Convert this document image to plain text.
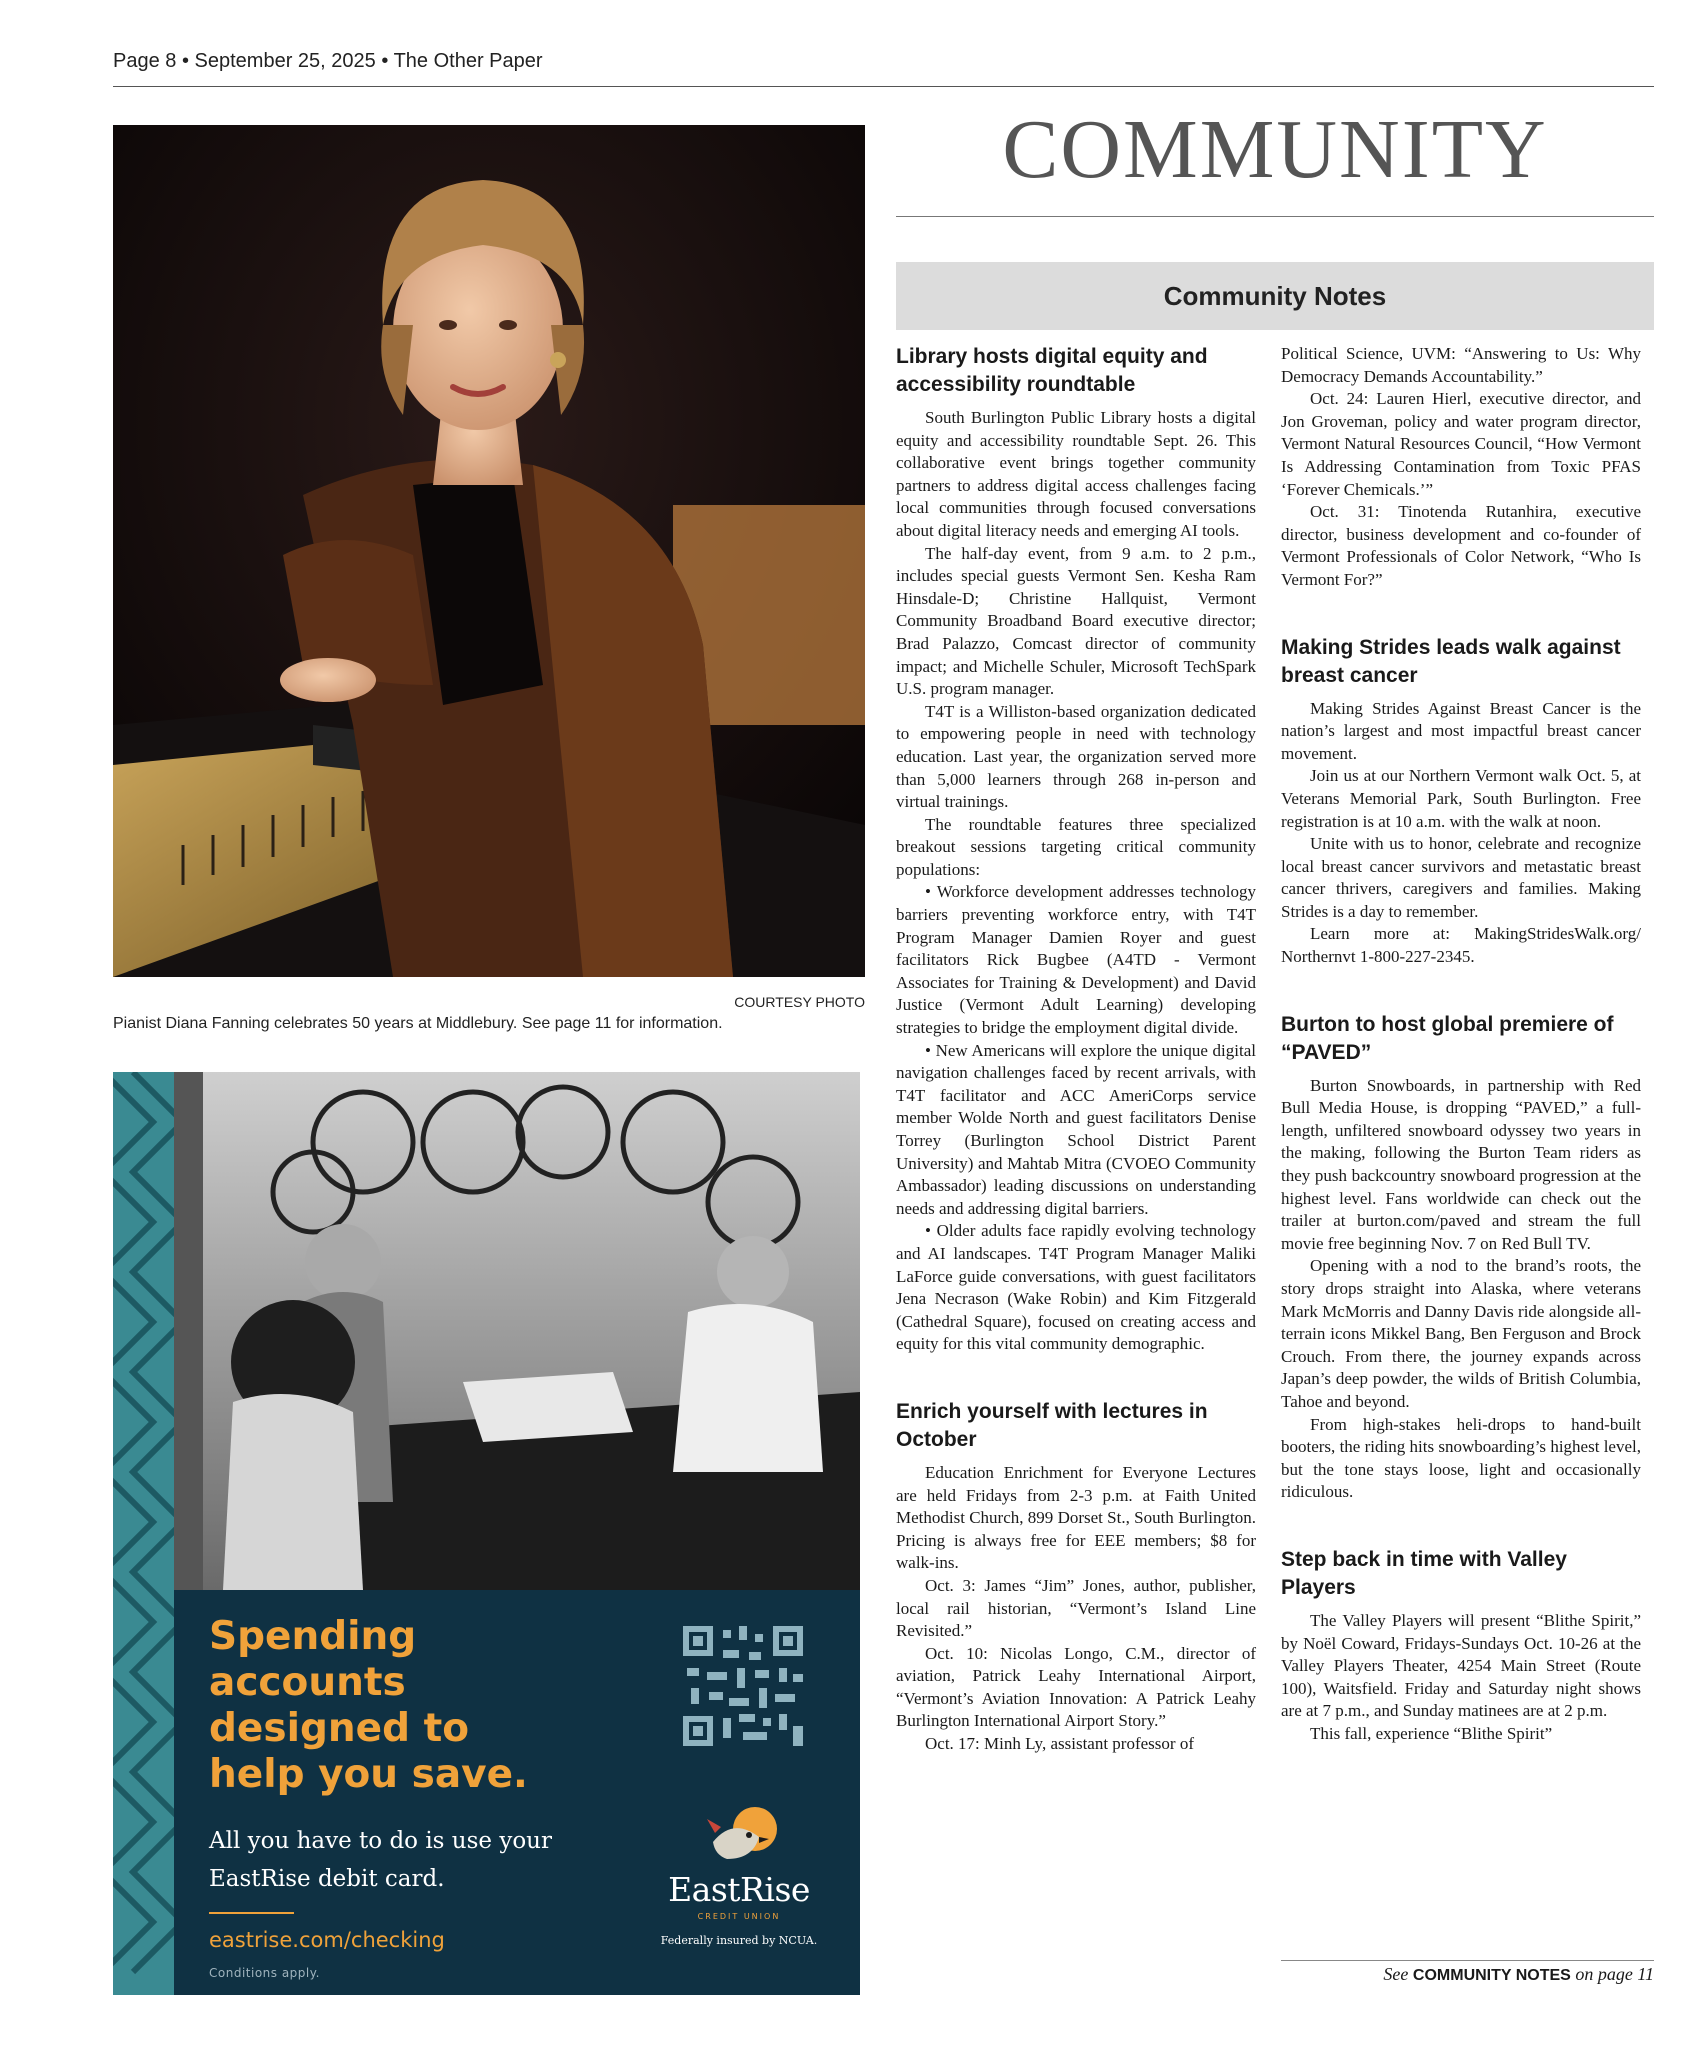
Page 8 • September 25, 2025 • The Other Paper
COMMUNITY
Community Notes
COURTESY PHOTO
Pianist Diana Fanning celebrates 50 years at Middlebury. See page 11 for information.
Spending
accounts
designed to
help you save.
All you have to do is use your
EastRise debit card.
eastrise.com/checking
Conditions apply.
EastRise
CREDIT UNION
Federally insured by NCUA.
Library hosts digital equity and accessibility roundtable

South Burlington Public Library hosts a digital equity and accessibility roundtable Sept. 26. This collaborative event brings together community partners to address digital access challenges facing local communities through focused conversations about digital literacy needs and emerging AI tools.

The half-day event, from 9 a.m. to 2 p.m., includes special guests Vermont Sen. Kesha Ram Hinsdale-D; Christine Hallquist, Vermont Community Broadband Board executive director; Brad Palazzo, Comcast director of community impact; and Michelle Schuler, Microsoft TechSpark U.S. program manager.

T4T is a Williston-based organization dedicated to empowering people in need with technology education. Last year, the organization served more than 5,000 learners through 268 in-person and virtual trainings.

The roundtable features three specialized breakout sessions targeting critical community populations:

• Workforce development addresses technology barriers preventing workforce entry, with T4T Program Manager Damien Royer and guest facilitators Rick Bugbee (A4TD - Vermont Associates for Training & Development) and David Justice (Vermont Adult Learning) developing strategies to bridge the employment digital divide.

• New Americans will explore the unique digital navigation challenges faced by recent arrivals, with T4T facilitator and ACC AmeriCorps service member Wolde North and guest facilitators Denise Torrey (Burlington School District Parent University) and Mahtab Mitra (CVOEO Community Ambassador) leading discussions on understanding needs and addressing digital barriers.

• Older adults face rapidly evolving technology and AI landscapes. T4T Program Manager Maliki LaForce guide conversations, with guest facilitators Jena Necrason (Wake Robin) and Kim Fitzgerald (Cathedral Square), focused on creating access and equity for this vital community demographic.

Enrich yourself with lectures in October

Education Enrichment for Everyone Lectures are held Fridays from 2-3 p.m. at Faith United Methodist Church, 899 Dorset St., South Burlington. Pricing is always free for EEE members; $8 for walk-ins.

Oct. 3: James “Jim” Jones, author, publisher, local rail historian, “Vermont’s Island Line Revisited.”

Oct. 10: Nicolas Longo, C.M., director of aviation, Patrick Leahy International Airport, “Vermont’s Aviation Innovation: A Patrick Leahy Burlington International Airport Story.”

Oct. 17: Minh Ly, assistant professor of

Political Science, UVM: “Answering to Us: Why Democracy Demands Accountability.”

Oct. 24: Lauren Hierl, executive director, and Jon Groveman, policy and water program director, Vermont Natural Resources Council, “How Vermont Is Addressing Contamination from Toxic PFAS ‘Forever Chemicals.’”

Oct. 31: Tinotenda Rutanhira, executive director, business development and co-founder of Vermont Professionals of Color Network, “Who Is Vermont For?”

Making Strides leads walk against breast cancer

Making Strides Against Breast Cancer is the nation’s largest and most impactful breast cancer movement.

Join us at our Northern Vermont walk Oct. 5, at Veterans Memorial Park, South Burlington. Free registration is at 10 a.m. with the walk at noon.

Unite with us to honor, celebrate and recognize local breast cancer survivors and metastatic breast cancer thrivers, caregivers and families. Making Strides is a day to remember.

Learn more at: MakingStridesWalk.org/ Northernvt 1-800-227-2345.

Burton to host global premiere of “PAVED”

Burton Snowboards, in partnership with Red Bull Media House, is dropping “PAVED,” a full-length, unfiltered snowboard odyssey two years in the making, following the Burton Team riders as they push backcountry snowboard progression at the highest level. Fans worldwide can check out the trailer at burton.com/paved and stream the full movie free beginning Nov. 7 on Red Bull TV.

Opening with a nod to the brand’s roots, the story drops straight into Alaska, where veterans Mark McMorris and Danny Davis ride alongside all-terrain icons Mikkel Bang, Ben Ferguson and Brock Crouch. From there, the journey expands across Japan’s deep powder, the wilds of British Columbia, Tahoe and beyond.

From high-stakes heli-drops to hand-built booters, the riding hits snowboarding’s highest level, but the tone stays loose, light and occasionally ridiculous.

Step back in time with Valley Players

The Valley Players will present “Blithe Spirit,” by Noël Coward, Fridays-Sundays Oct. 10-26 at the Valley Players Theater, 4254 Main Street (Route 100), Waitsfield. Friday and Saturday night shows are at 7 p.m., and Sunday matinees are at 2 p.m.

This fall, experience “Blithe Spirit”

See COMMUNITY NOTES on page 11
